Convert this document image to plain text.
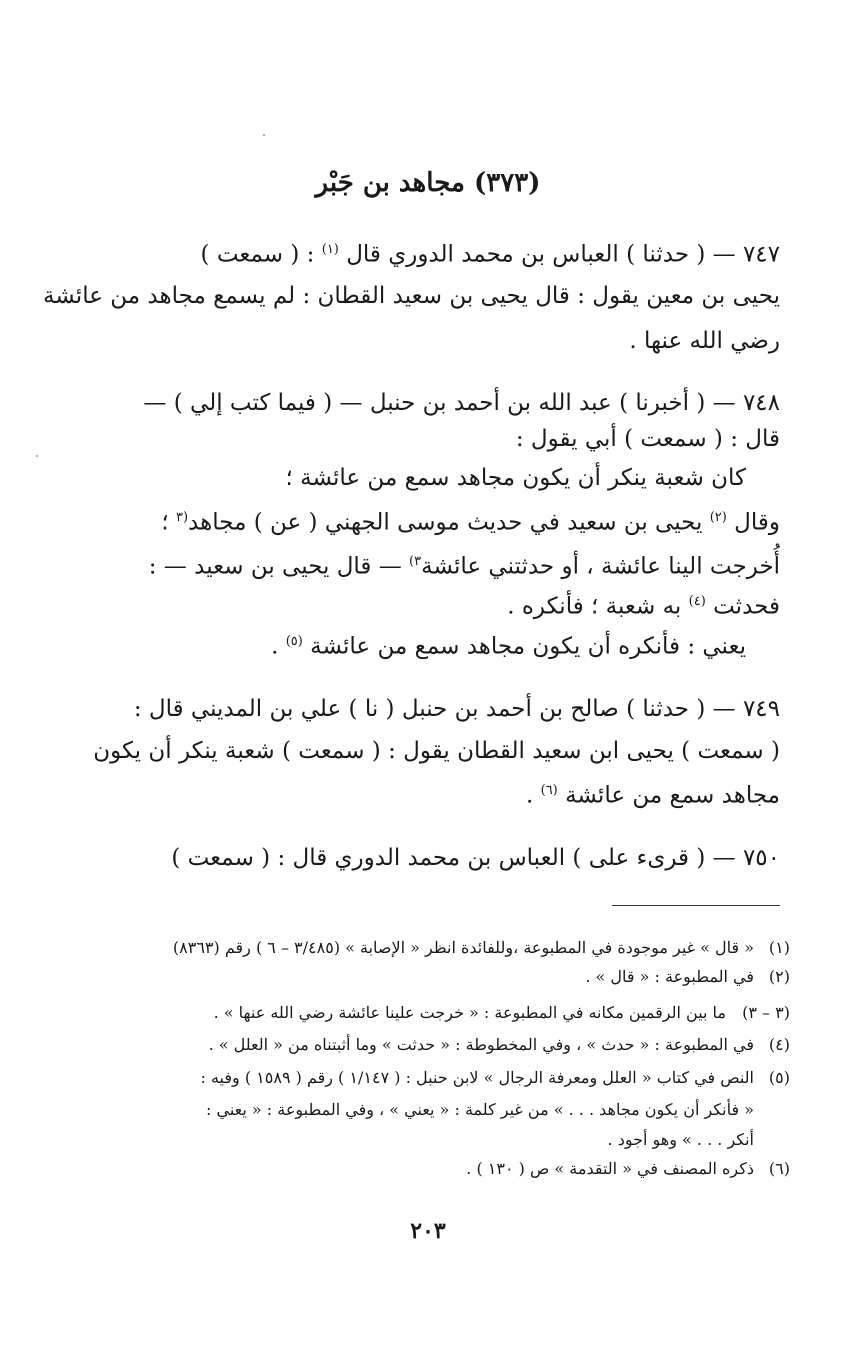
(٣٧٣) مجاهد بن جَبْر
٧٤٧ — ( حدثنا ) العباس بن محمد الدوري قال $^{(١)}$ : ( سمعت )
يحيى بن معين يقول : قال يحيى بن سعيد القطان : لم يسمع مجاهد من عائشة
رضي الله عنها .
٧٤٨ — ( أخبرنا ) عبد الله بن أحمد بن حنبل — ( فيما كتب إلي ) —
قال : ( سمعت ) أبي يقول :
كان شعبة ينكر أن يكون مجاهد سمع من عائشة ؛
وقال $^{(٢)}$ يحيى بن سعيد في حديث موسى الجهني ( عن ) مجاهد$^{(٣}$ ؛
أُخرجت الينا عائشة ، أو حدثتني عائشة$^{٣)}$ — قال يحيى بن سعيد — :
فحدثت $^{(٤)}$ به شعبة ؛ فأنكره .
يعني : فأنكره أن يكون مجاهد سمع من عائشة $^{(٥)}$ .
٧٤٩ — ( حدثنا ) صالح بن أحمد بن حنبل ( نا ) علي بن المديني قال :
( سمعت ) يحيى ابن سعيد القطان يقول : ( سمعت ) شعبة ينكر أن يكون
مجاهد سمع من عائشة $^{(٦)}$ .
٧٥٠ — ( قرىء على ) العباس بن محمد الدوري قال : ( سمعت )
(١)« قال » غير موجودة في المطبوعة ،وللفائدة انظر « الإصابة » (٣/٤٨٥ – ٦ ) رقم (٨٣٦٣)
(٢)في المطبوعة : « قال » .
(٣ – ٣)ما بين الرقمين مكانه في المطبوعة : « خرجت علينا عائشة رضي الله عنها » .
(٤)في المطبوعة : « حدث » ، وفي المخطوطة : « حدثت » وما أثبتناه من « العلل » .
(٥)النص في كتاب « العلل ومعرفة الرجال » لابن حنبل : ( ١/١٤٧ ) رقم ( ١٥٨٩ ) وفيه :
« فأنكر أن يكون مجاهد . . . » من غير كلمة : « يعني » ، وفي المطبوعة : « يعني :
أنكر . . . » وهو أجود .
(٦)ذكره المصنف في « التقدمة » ص ( ١٣٠ ) .
٢٠٣
